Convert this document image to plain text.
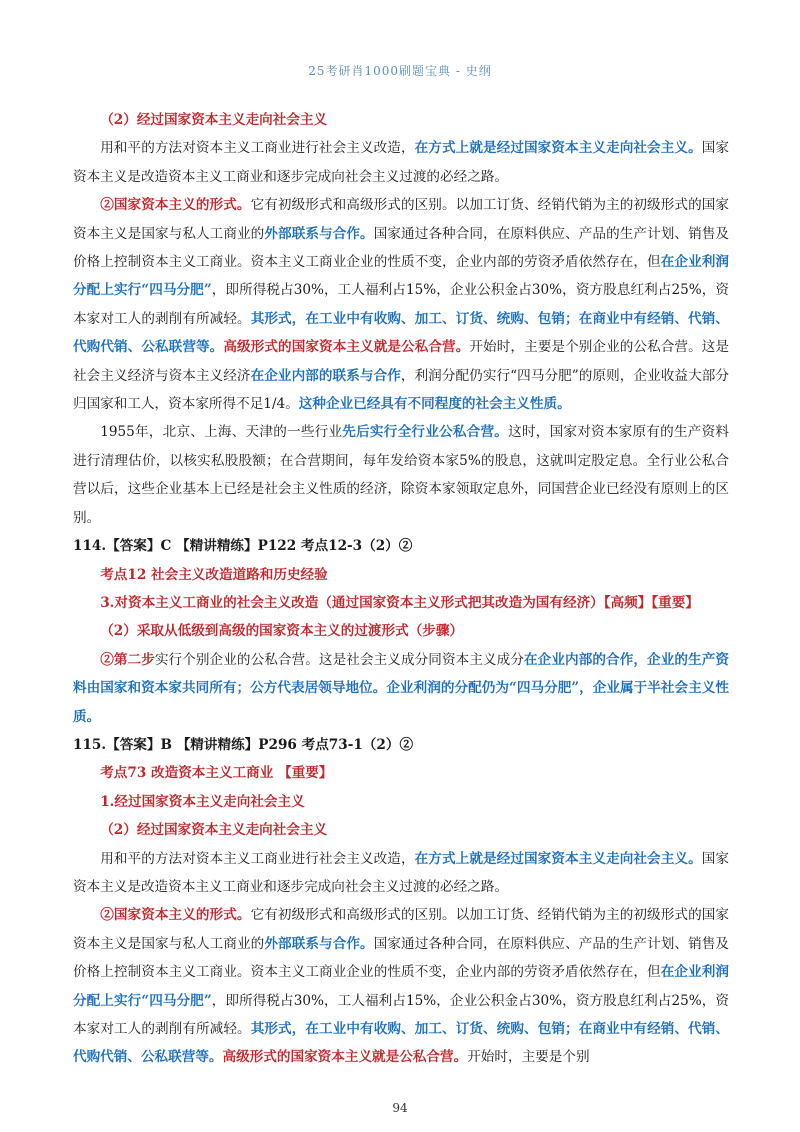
25考研肖1000刷题宝典 - 史纲

（2）经过国家资本主义走向社会主义

用和平的方法对资本主义工商业进行社会主义改造，在方式上就是经过国家资本主义走向社会主义。国家资本主义是改造资本主义工商业和逐步完成向社会主义过渡的必经之路。

②国家资本主义的形式。它有初级形式和高级形式的区别。以加工订货、经销代销为主的初级形式的国家资本主义是国家与私人工商业的外部联系与合作。国家通过各种合同，在原料供应、产品的生产计划、销售及价格上控制资本主义工商业。资本主义工商业企业的性质不变，企业内部的劳资矛盾依然存在，但在企业利润分配上实行“四马分肥”，即所得税占30%，工人福利占15%，企业公积金占30%，资方股息红利占25%，资本家对工人的剥削有所减轻。其形式，在工业中有收购、加工、订货、统购、包销；在商业中有经销、代销、代购代销、公私联营等。高级形式的国家资本主义就是公私合营。开始时，主要是个别企业的公私合营。这是社会主义经济与资本主义经济在企业内部的联系与合作，利润分配仍实行“四马分肥”的原则，企业收益大部分归国家和工人，资本家所得不足1/4。这种企业已经具有不同程度的社会主义性质。

1955年，北京、上海、天津的一些行业先后实行全行业公私合营。这时，国家对资本家原有的生产资料进行清理估价，以核实私股股额；在合营期间，每年发给资本家5%的股息，这就叫定股定息。全行业公私合营以后，这些企业基本上已经是社会主义性质的经济，除资本家领取定息外，同国营企业已经没有原则上的区别。

114.【答案】C 【精讲精练】P122 考点12-3（2）②

考点12 社会主义改造道路和历史经验

3.对资本主义工商业的社会主义改造（通过国家资本主义形式把其改造为国有经济）【高频】【重要】

（2）采取从低级到高级的国家资本主义的过渡形式（步骤）

②第二步实行个别企业的公私合营。这是社会主义成分同资本主义成分在企业内部的合作，企业的生产资料由国家和资本家共同所有；公方代表居领导地位。企业利润的分配仍为“四马分肥”，企业属于半社会主义性质。

115.【答案】B 【精讲精练】P296 考点73-1（2）②

考点73 改造资本主义工商业 【重要】

1.经过国家资本主义走向社会主义

（2）经过国家资本主义走向社会主义

用和平的方法对资本主义工商业进行社会主义改造，在方式上就是经过国家资本主义走向社会主义。国家资本主义是改造资本主义工商业和逐步完成向社会主义过渡的必经之路。

②国家资本主义的形式。它有初级形式和高级形式的区别。以加工订货、经销代销为主的初级形式的国家资本主义是国家与私人工商业的外部联系与合作。国家通过各种合同，在原料供应、产品的生产计划、销售及价格上控制资本主义工商业。资本主义工商业企业的性质不变，企业内部的劳资矛盾依然存在，但在企业利润分配上实行“四马分肥”，即所得税占30%，工人福利占15%，企业公积金占30%，资方股息红利占25%，资本家对工人的剥削有所减轻。其形式，在工业中有收购、加工、订货、统购、包销；在商业中有经销、代销、代购代销、公私联营等。高级形式的国家资本主义就是公私合营。开始时，主要是个别

94
